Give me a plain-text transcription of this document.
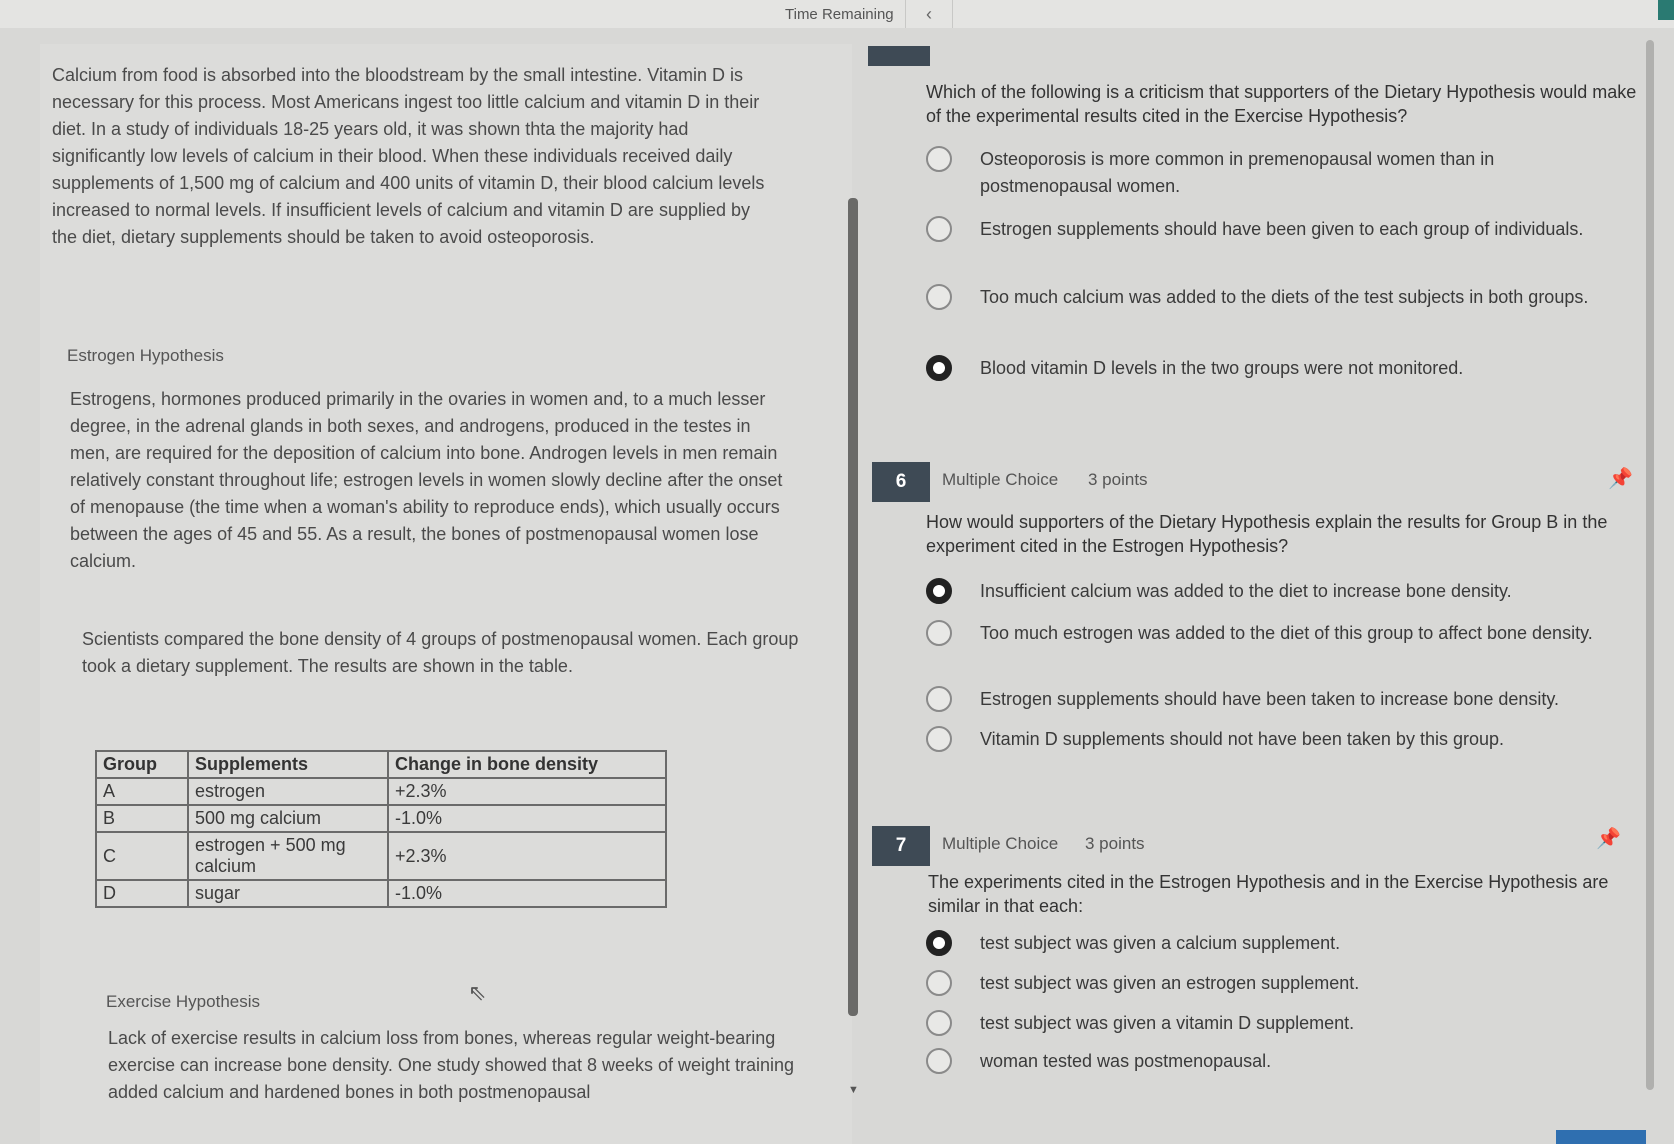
Time Remaining ‹
Calcium from food is absorbed into the bloodstream by the small intestine. Vitamin D is necessary for this process. Most Americans ingest too little calcium and vitamin D in their diet. In a study of individuals 18-25 years old, it was shown thta the majority had significantly low levels of calcium in their blood. When these individuals received daily supplements of 1,500 mg of calcium and 400 units of vitamin D, their blood calcium levels increased to normal levels. If insufficient levels of calcium and vitamin D are supplied by the diet, dietary supplements should be taken to avoid osteoporosis.
Estrogen Hypothesis
Estrogens, hormones produced primarily in the ovaries in women and, to a much lesser degree, in the adrenal glands in both sexes, and androgens, produced in the testes in men, are required for the deposition of calcium into bone. Androgen levels in men remain relatively constant throughout life; estrogen levels in women slowly decline after the onset of menopause (the time when a woman's ability to reproduce ends), which usually occurs between the ages of 45 and 55. As a result, the bones of postmenopausal women lose calcium.
Scientists compared the bone density of 4 groups of postmenopausal women. Each group took a dietary supplement. The results are shown in the table.
Group	Supplements	Change in bone density
A	estrogen	+2.3%
B	500 mg calcium	-1.0%
C	estrogen + 500 mg calcium	+2.3%
D	sugar	-1.0%
Exercise Hypothesis	⇖
Lack of exercise results in calcium loss from bones, whereas regular weight-bearing exercise can increase bone density. One study showed that 8 weeks of weight training added calcium and hardened bones in both postmenopausal	▼
Which of the following is a criticism that supporters of the Dietary Hypothesis would make of the experimental results cited in the Exercise Hypothesis?
Osteoporosis is more common in premenopausal women than in postmenopausal women.
Estrogen supplements should have been given to each group of individuals.
Too much calcium was added to the diets of the test subjects in both groups.
Blood vitamin D levels in the two groups were not monitored.
6	Multiple Choice 3 points	📌
How would supporters of the Dietary Hypothesis explain the results for Group B in the experiment cited in the Estrogen Hypothesis?
Insufficient calcium was added to the diet to increase bone density.
Too much estrogen was added to the diet of this group to affect bone density.
Estrogen supplements should have been taken to increase bone density.
Vitamin D supplements should not have been taken by this group.
7	Multiple Choice 3 points	📌
The experiments cited in the Estrogen Hypothesis and in the Exercise Hypothesis are similar in that each:
test subject was given a calcium supplement.
test subject was given an estrogen supplement.
test subject was given a vitamin D supplement.
woman tested was postmenopausal.
